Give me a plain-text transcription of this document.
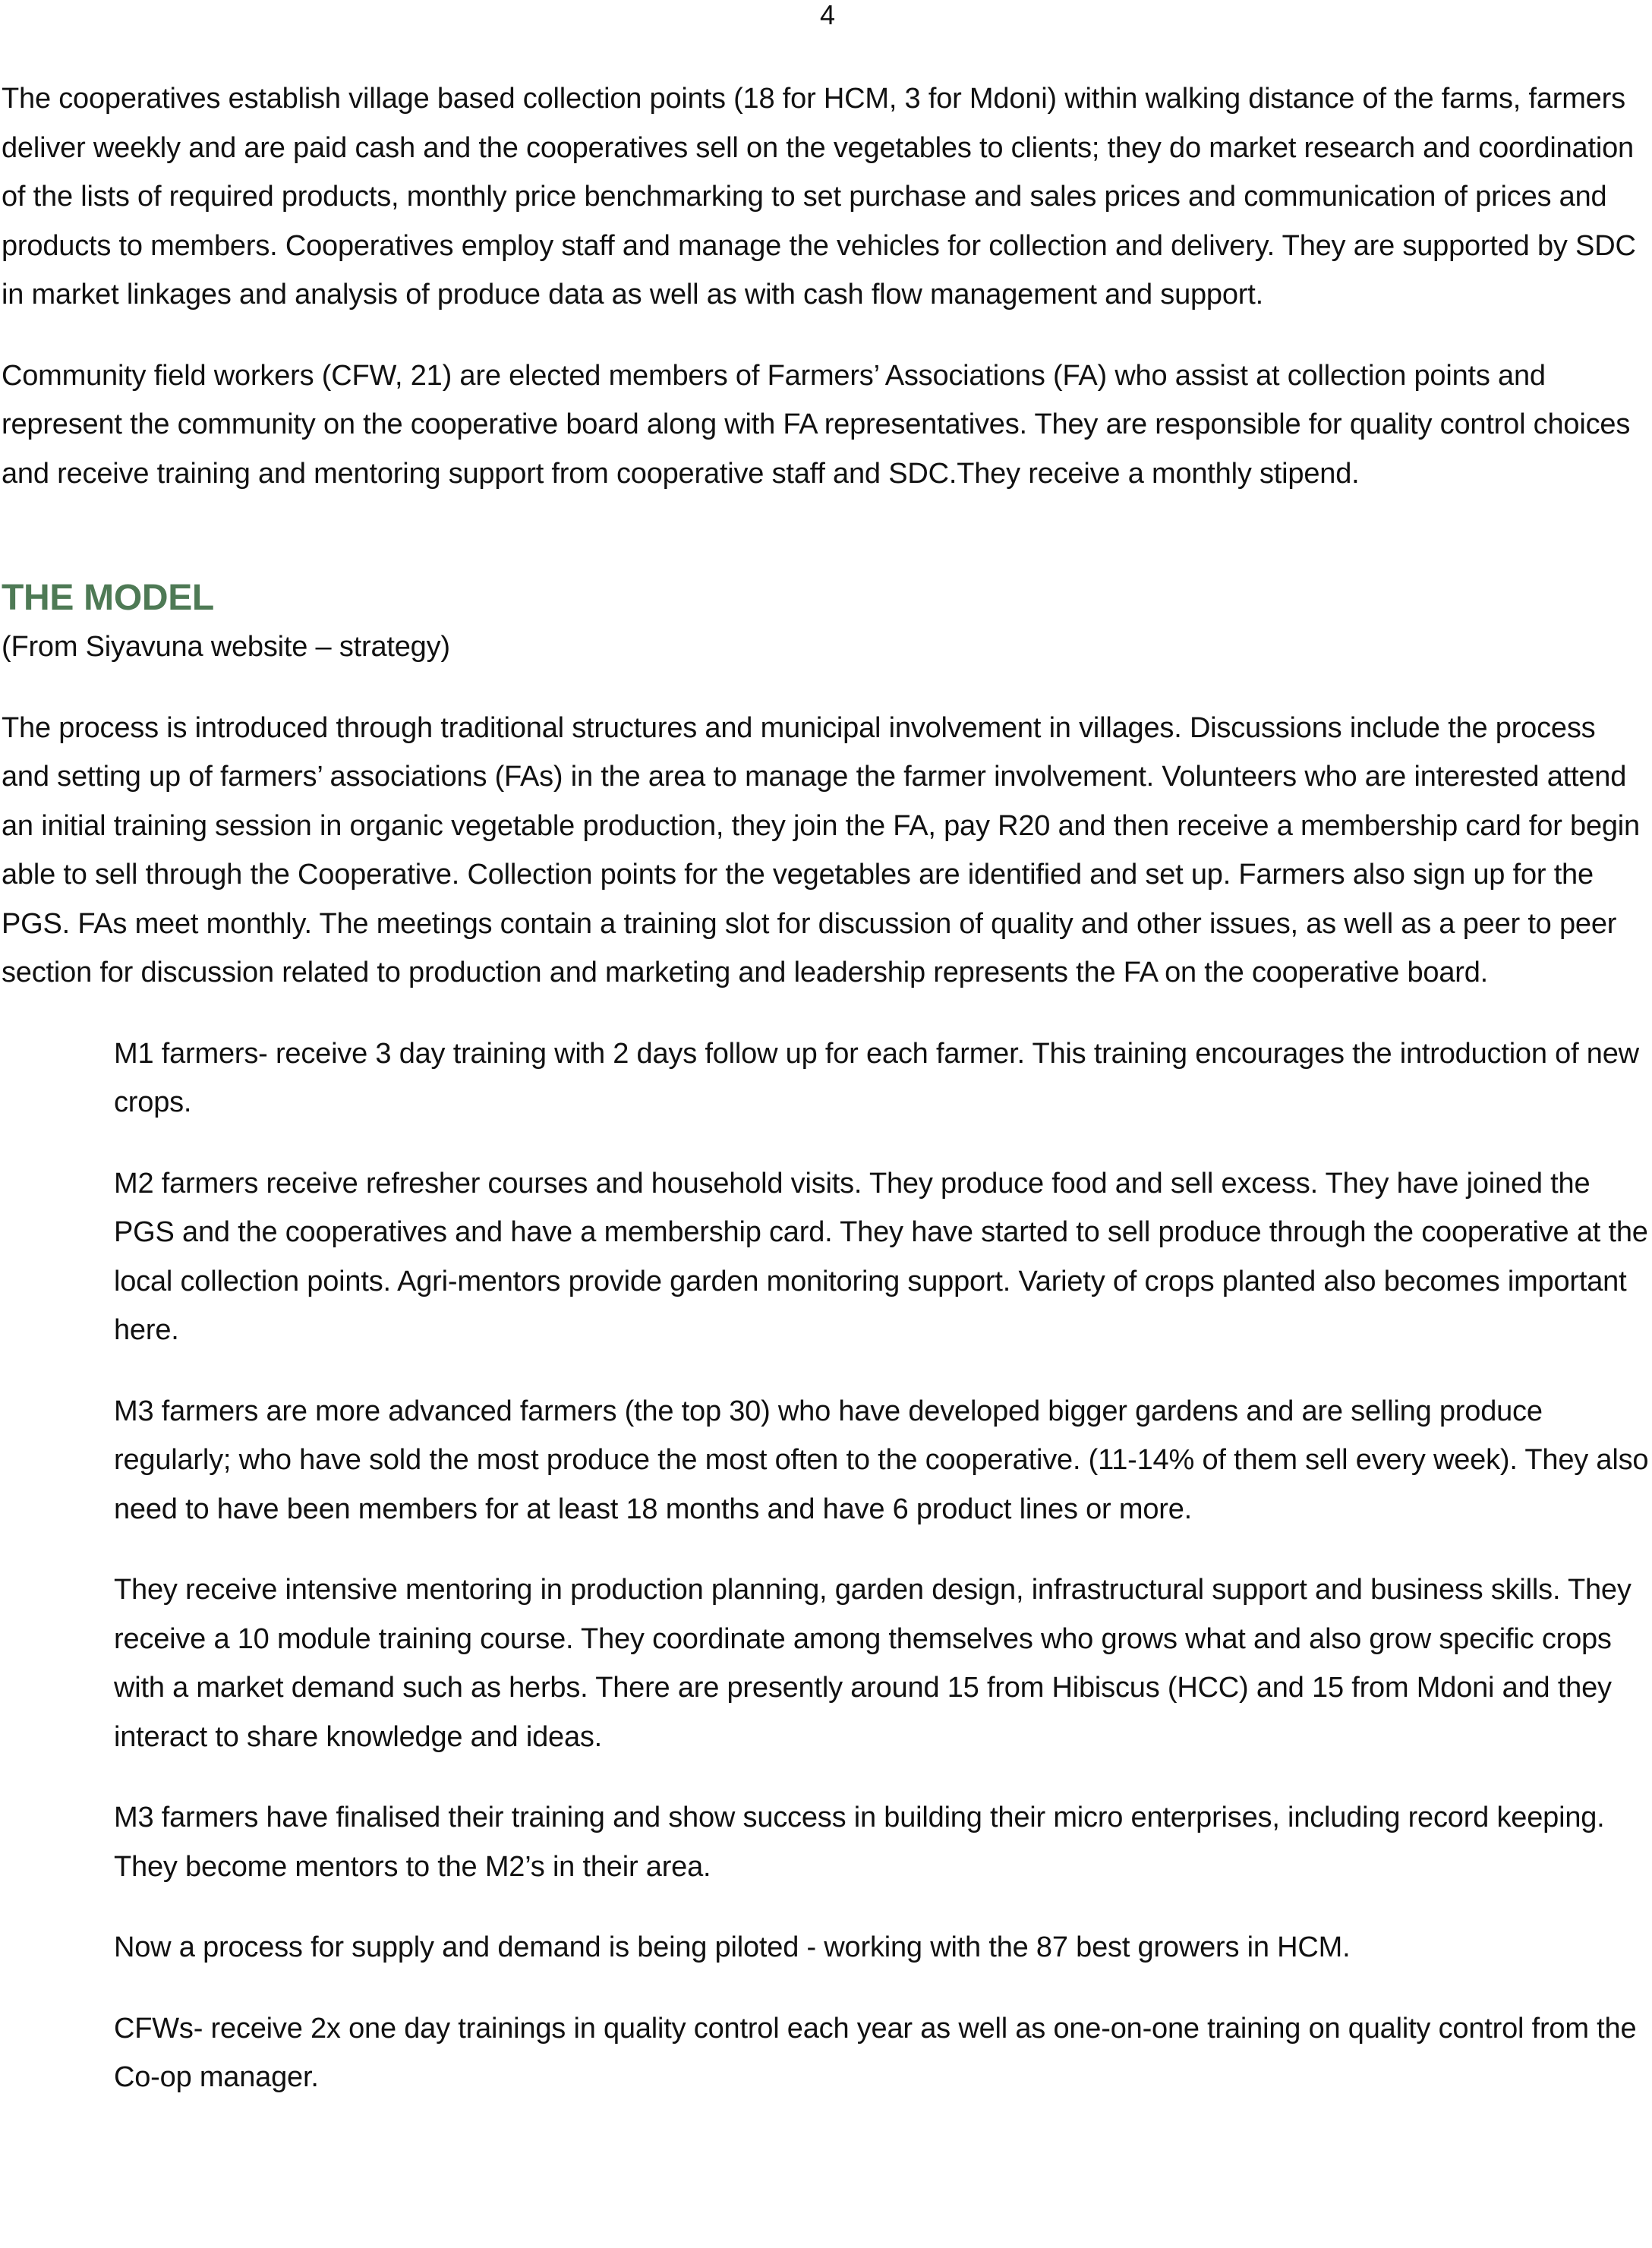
4

The cooperatives establish village based collection points (18 for HCM, 3 for Mdoni) within walking distance of the farms, farmers deliver weekly and are paid cash and the cooperatives sell on the vegetables to clients; they do market research and coordination of the lists of required products, monthly price benchmarking to set purchase and sales prices and communication of prices and products to members. Cooperatives employ staff and manage the vehicles for collection and delivery. They are supported by SDC in market linkages and analysis of produce data as well as with cash flow management and support.

Community field workers (CFW, 21) are elected members of Farmers’ Associations (FA) who assist at collection points and represent the community on the cooperative board along with FA representatives. They are responsible for quality control choices and receive training and mentoring support from cooperative staff and SDC.They receive a monthly stipend.

THE MODEL

(From Siyavuna website – strategy)

The process is introduced through traditional structures and municipal involvement in villages. Discussions include the process and setting up of farmers’ associations (FAs) in the area to manage the farmer involvement. Volunteers who are interested attend an initial training session in organic vegetable production, they join the FA, pay R20 and then receive a membership card for begin able to sell through the Cooperative. Collection points for the vegetables are identified and set up. Farmers also sign up for the PGS. FAs meet monthly. The meetings contain a training slot for discussion of quality and other issues, as well as a peer to peer section for discussion related to production and marketing and leadership represents the FA on the cooperative board.

M1 farmers- receive 3 day training with 2 days follow up for each farmer. This training encourages the introduction of new crops.

M2 farmers receive refresher courses and household visits. They produce food and sell excess. They have joined the PGS and the cooperatives and have a membership card. They have started to sell produce through the cooperative at the local collection points. Agri-mentors provide garden monitoring support. Variety of crops planted also becomes important here.

M3 farmers are more advanced farmers (the top 30) who have developed bigger gardens and are selling produce regularly; who have sold the most produce the most often to the cooperative. (11-14% of them sell every week). They also need to have been members for at least 18 months and have 6 product lines or more.

They receive intensive mentoring in production planning, garden design, infrastructural support and business skills. They receive a 10 module training course. They coordinate among themselves who grows what and also grow specific crops with a market demand such as herbs. There are presently around 15 from Hibiscus (HCC) and 15 from Mdoni and they interact to share knowledge and ideas.

M3 farmers have finalised their training and show success in building their micro enterprises, including record keeping. They become mentors to the M2’s in their area.

Now a process for supply and demand is being piloted - working with the 87 best growers in HCM.

CFWs- receive 2x one day trainings in quality control each year as well as one-on-one training on quality control from the Co-op manager.
